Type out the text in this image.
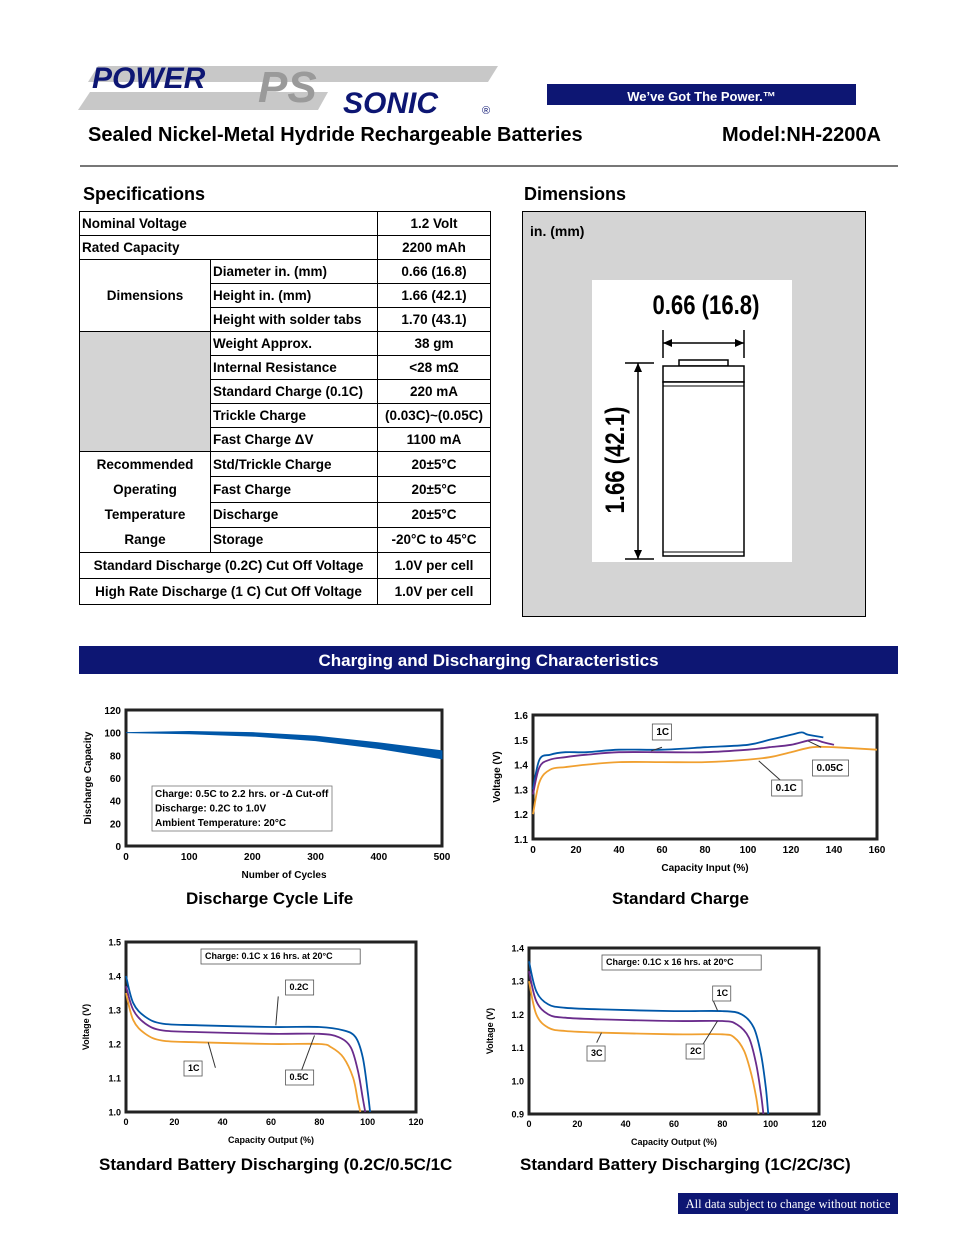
POWER PS SONIC	®
We’ve Got The Power.™
Sealed Nickel-Metal Hydride Rechargeable Batteries	Model:NH-2200A
Specifications
Nominal Voltage		1.2 Volt
Rated Capacity		2200 mAh
Dimensions	Diameter in. (mm)	0.66 (16.8)
	Height in. (mm)	1.66 (42.1)
	Height with solder tabs	1.70 (43.1)
	Weight Approx.	38 gm
	Internal Resistance	<28 mΩ
	Standard Charge (0.1C)	220 mA
	Trickle Charge	(0.03C)~(0.05C)
	Fast Charge ΔV	1100 mA

Recommended
Operating
Temperature
Range	Std/Trickle Charge	20±5°C
	Fast Charge	20±5°C
	Discharge	20±5°C
	Storage	-20°C to 45°C
Standard Discharge (0.2C) Cut Off Voltage		1.0V per cell
High Rate Discharge (1 C) Cut Off Voltage		1.0V per cell
Dimensions
in. (mm)
0.66 (16.8)
1.66 (42.1)
Charging and Discharging Characteristics
0	100	200	300	400	500
0
20
40
60
80
100
120
Number of Cycles
Discharge Capacity	Charge: 0.5C to 2.2 hrs. or -Δ Cut-off
Discharge: 0.2C to 1.0V
Ambient Temperature: 20°C
0	20	40	60	80	100	120	140	160
1.1
1.2
1.3
1.4
1.5
1.6
Capacity Input (%)
Voltage (V)
1C
0.05C
0.1C
0	20	40	60	80	100	120
1.0
1.1
1.2
1.3
1.4
1.5
Capacity Output (%)
Voltage (V)
Charge: 0.1C x 16 hrs. at 20°C
0.2C
0.5C
1C
0	20	40	60	80	100	120
0.9
1.0
1.1
1.2
1.3
1.4
Capacity Output (%)
Voltage (V)
Charge: 0.1C x 16 hrs. at 20°C
1C
2C
3C
Discharge Cycle Life	Standard Charge
Standard Battery Discharging (0.2C/0.5C/1C	Standard Battery Discharging (1C/2C/3C)
All data subject to change without notice
